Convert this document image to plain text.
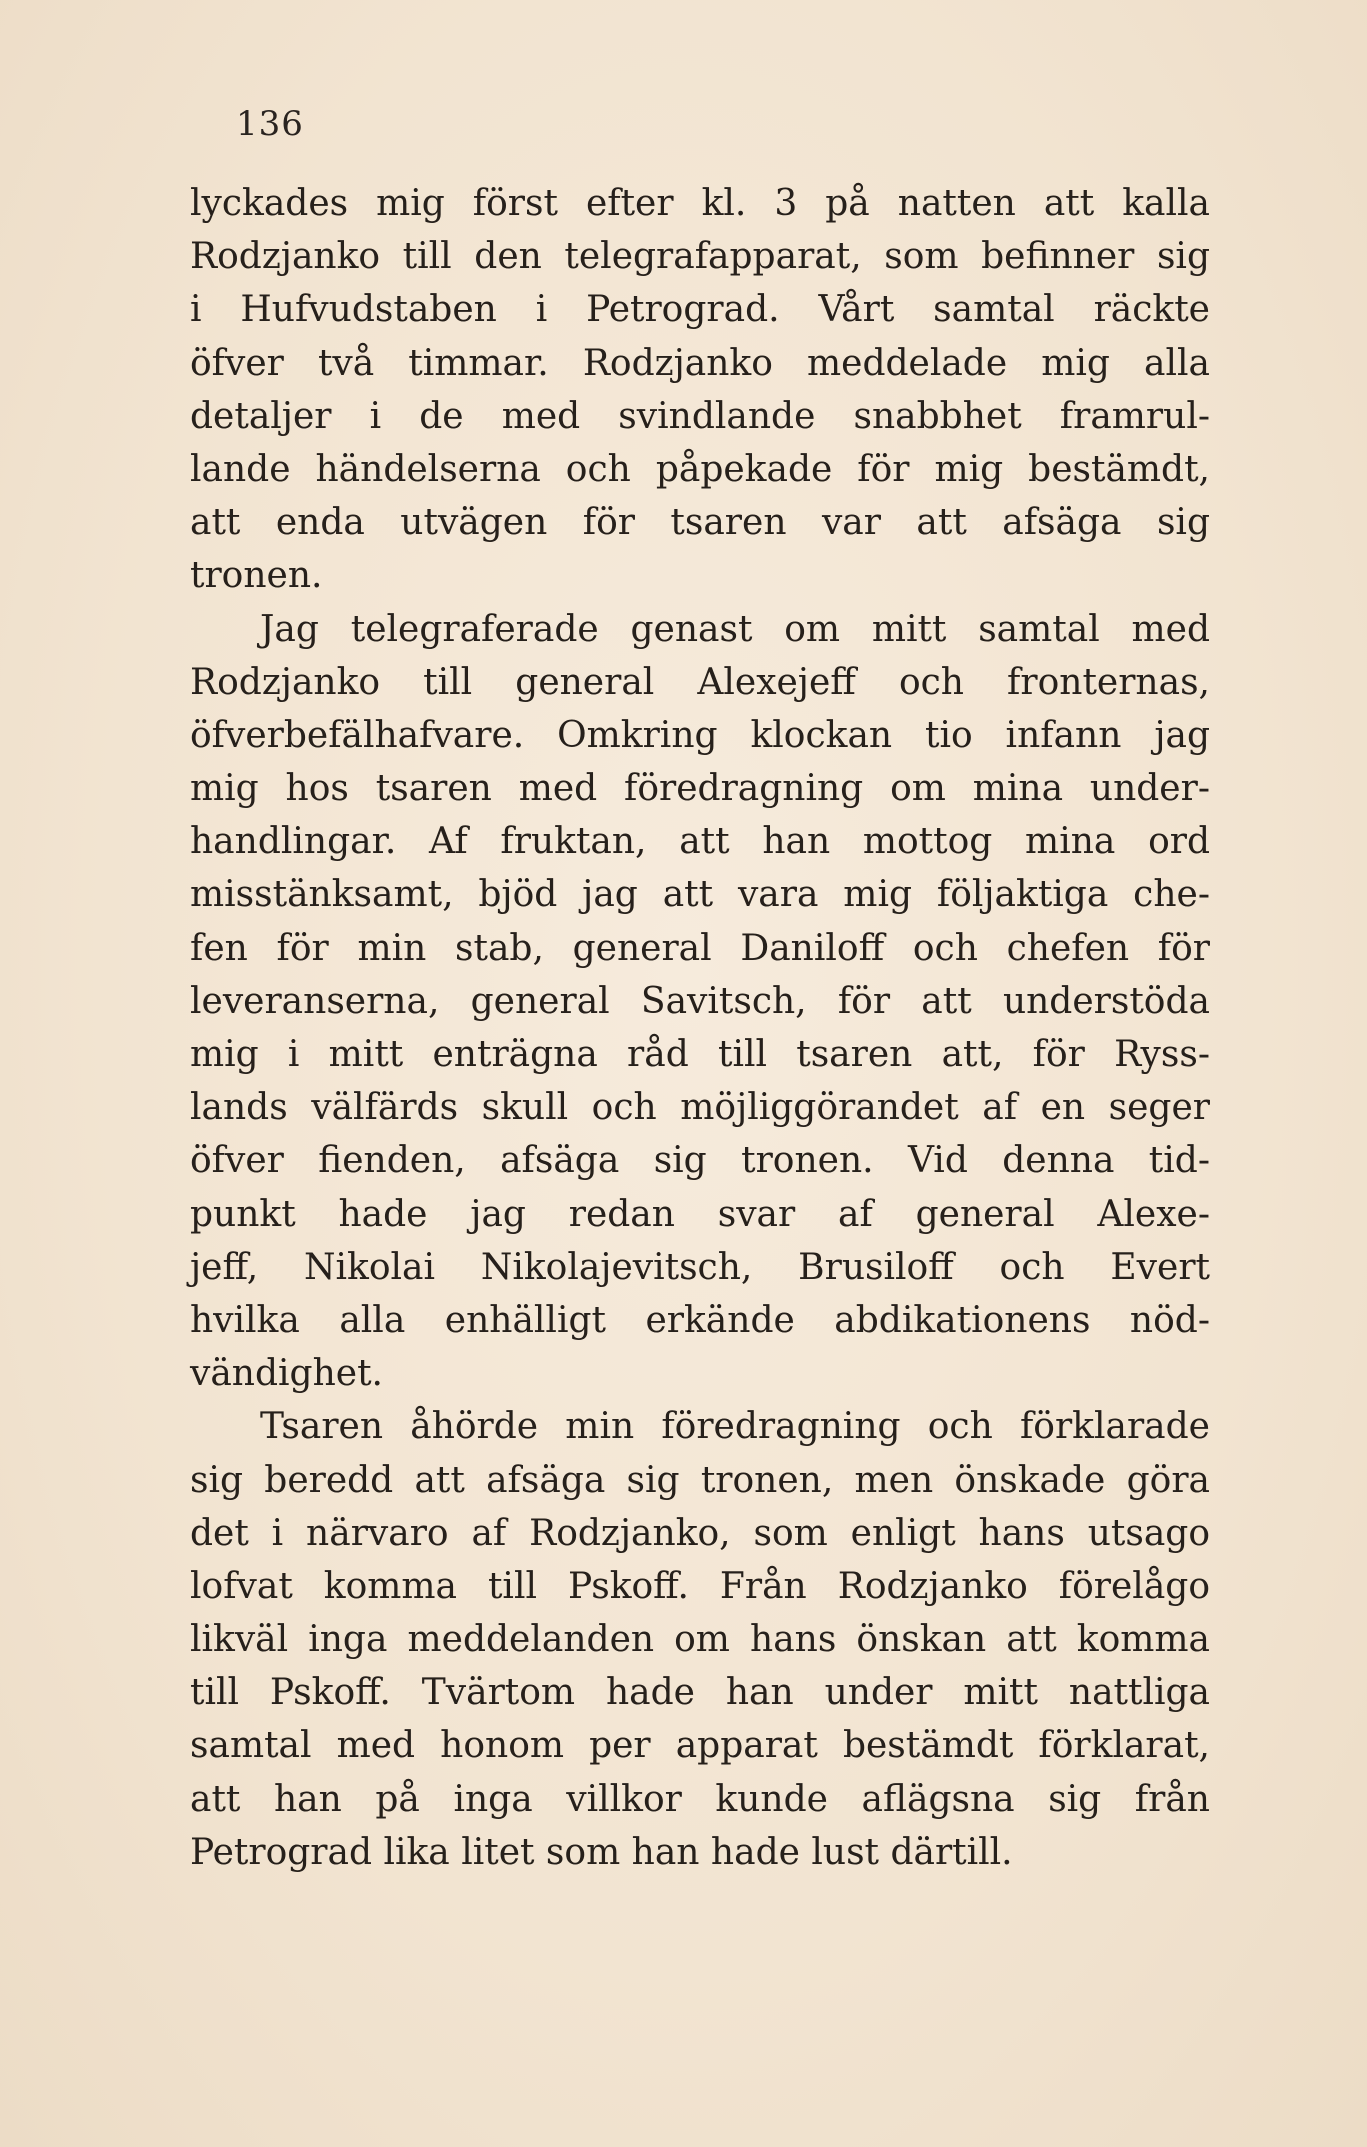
136
lyckades mig först efter kl. 3 på natten att kalla
Rodzjanko till den telegrafapparat, som befinner sig
i Hufvudstaben i Petrograd. Vårt samtal räckte
öfver två timmar. Rodzjanko meddelade mig alla
detaljer i de med svindlande snabbhet framrul-
lande händelserna och påpekade för mig bestämdt,
att enda utvägen för tsaren var att afsäga sig
tronen.
Jag telegraferade genast om mitt samtal med
Rodzjanko till general Alexejeff och fronternas,
öfverbefälhafvare. Omkring klockan tio infann jag
mig hos tsaren med föredragning om mina under-
handlingar. Af fruktan, att han mottog mina ord
misstänksamt, bjöd jag att vara mig följaktiga che-
fen för min stab, general Daniloff och chefen för
leveranserna, general Savitsch, för att understöda
mig i mitt enträgna råd till tsaren att, för Ryss-
lands välfärds skull och möjliggörandet af en seger
öfver fienden, afsäga sig tronen. Vid denna tid-
punkt hade jag redan svar af general Alexe-
jeff, Nikolai Nikolajevitsch, Brusiloff och Evert
hvilka alla enhälligt erkände abdikationens nöd-
vändighet.
Tsaren åhörde min föredragning och förklarade
sig beredd att afsäga sig tronen, men önskade göra
det i närvaro af Rodzjanko, som enligt hans utsago
lofvat komma till Pskoff. Från Rodzjanko förelågo
likväl inga meddelanden om hans önskan att komma
till Pskoff. Tvärtom hade han under mitt nattliga
samtal med honom per apparat bestämdt förklarat,
att han på inga villkor kunde aflägsna sig från
Petrograd lika litet som han hade lust därtill.
